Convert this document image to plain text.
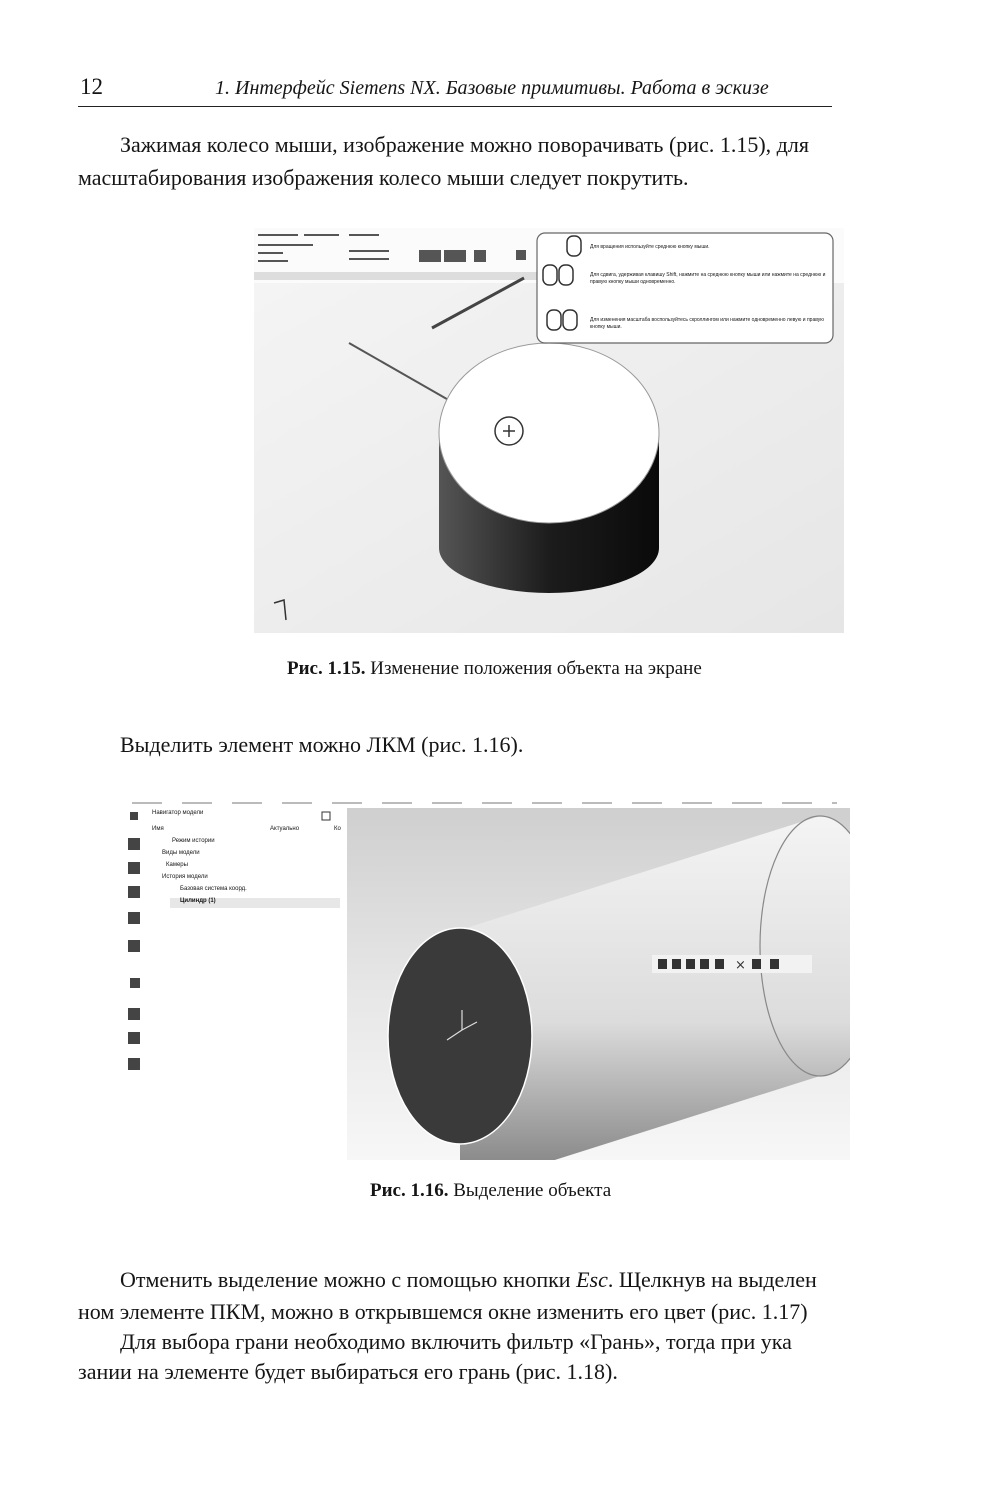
12	1. Интерфейс Siemens NX. Базовые примитивы. Работа в эскизе
Зажимая колесо мыши, изображение можно поворачивать (рис. 1.15), для
масштабирования изображения колесо мыши следует покрутить.
Для вращения используйте среднюю кнопку мыши.
Для сдвига, удерживая клавишу Shift, нажмите на среднюю кнопку мыши или нажмите на среднюю и правую кнопку мыши одновременно.
Для изменения масштаба воспользуйтесь скроллингом или нажмите одновременно левую и правую кнопку мыши.
Рис. 1.15. Изменение положения объекта на экране
Выделить элемент можно ЛКМ (рис. 1.16).
×
Навигатор модели
Имя	Актуально	Ко
Режим истории
Виды модели
Камеры
История модели
Базовая система коорд.
Цилиндр (1)
Рис. 1.16. Выделение объекта
Отменить выделение можно с помощью кнопки Esc. Щелкнув на выделен
ном элементе ПКМ, можно в открывшемся окне изменить его цвет (рис. 1.17)
Для выбора грани необходимо включить фильтр «Грань», тогда при ука
зании на элементе будет выбираться его грань (рис. 1.18).
